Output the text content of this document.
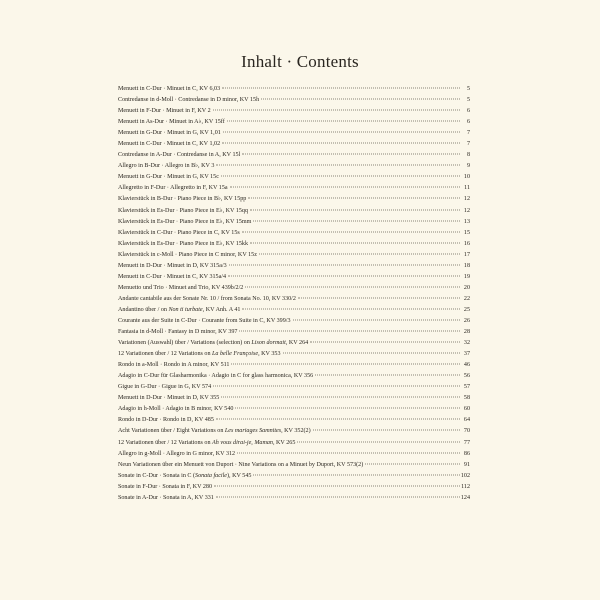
Inhalt · Contents
Menuett in C-Dur · Minuet in C, KV 6,03	5
Contredanse in d-Moll · Contredanse in D minor, KV 15h	5
Menuett in F-Dur · Minuet in F, KV 2	6
Menuett in As-Dur · Minuet in A♭, KV 15ff	6
Menuett in G-Dur · Minuet in G, KV 1,01	7
Menuett in C-Dur · Minuet in C, KV 1,02	7
Contredanse in A-Dur · Contredanse in A, KV 15l	8
Allegro in B-Dur · Allegro in B♭, KV 3	9
Menuett in G-Dur · Minuet in G, KV 15c	10
Allegretto in F-Dur · Allegretto in F, KV 15a	11
Klavierstück in B-Dur · Piano Piece in B♭, KV 15pp	12
Klavierstück in Es-Dur · Piano Piece in E♭, KV 15qq	12
Klavierstück in Es-Dur · Piano Piece in E♭, KV 15mm	13
Klavierstück in C-Dur · Piano Piece in C, KV 15s	15
Klavierstück in Es-Dur · Piano Piece in E♭, KV 15kk	16
Klavierstück in c-Moll · Piano Piece in C minor, KV 15z	17
Menuett in D-Dur · Minuet in D, KV 315a/3	18
Menuett in C-Dur · Minuet in C, KV 315a/4	19
Menuetto und Trio · Minuet and Trio, KV 439b/2/2	20
Andante cantabile aus der Sonate Nr. 10 / from Sonata No. 10, KV 330/2	22
Andantino über / on Non ti turbate, KV Anh. A 41	25
Courante aus der Suite in C-Dur · Courante from Suite in C, KV 399/3	26
Fantasia in d-Moll · Fantasy in D minor, KV 397	28
Variationen (Auswahl) über / Variations (selection) on Lison dormait, KV 264	32
12 Variationen über / 12 Variations on La belle Françoise, KV 353	37
Rondo in a-Moll · Rondo in A minor, KV 511	46
Adagio in C-Dur für Glasharmonika · Adagio in C for glass harmonica, KV 356	56
Gigue in G-Dur · Gigue in G, KV 574	57
Menuett in D-Dur · Minuet in D, KV 355	58
Adagio in h-Moll · Adagio in B minor, KV 540	60
Rondo in D-Dur · Rondo in D, KV 485	64
Acht Variationen über / Eight Variations on Les mariages Samnites, KV 352(2)	70
12 Variationen über / 12 Variations on Ah vous dirai-je, Maman, KV 265	77
Allegro in g-Moll · Allegro in G minor, KV 312	86
Neun Variationen über ein Menuett von Duport · Nine Variations on a Minuet by Duport, KV 573(2)	91
Sonate in C-Dur · Sonata in C (Sonata facile), KV 545	102
Sonate in F-Dur · Sonata in F, KV 280	112
Sonate in A-Dur · Sonata in A, KV 331	124
